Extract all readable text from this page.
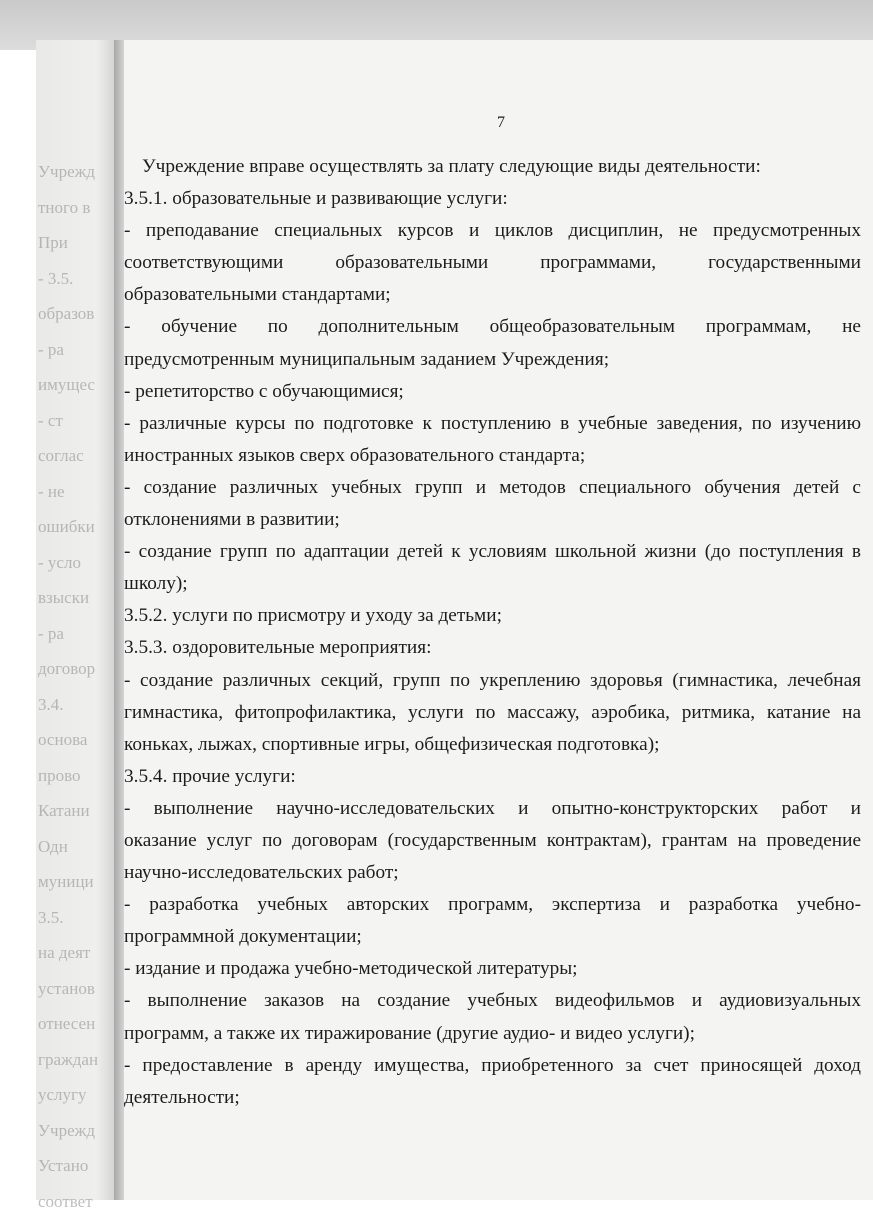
Учрежд
тного в
При
- 3.5.
образов
- ра
имущес
- ст
соглас
- не
ошибки
- усло
взыски
- ра
договор
3.4.
основа
прово
Катани
Одн
муници
3.5.
на деят
установ
отнесен
граждан
услугу
Учрежд
Устано
соответ
7
Учреждение вправе осуществлять за плату следующие виды деятельности:
3.5.1. образовательные и развивающие услуги:
- преподавание специальных курсов и циклов дисциплин, не предусмотренных
соответствующими образовательными программами, государственными
образовательными стандартами;
- обучение по дополнительным общеобразовательным программам, не
предусмотренным муниципальным заданием Учреждения;
- репетиторство с обучающимися;
- различные курсы по подготовке к поступлению в учебные заведения, по изучению
иностранных языков сверх образовательного стандарта;
- создание различных учебных групп и методов специального обучения детей с
отклонениями в развитии;
- создание групп по адаптации детей к условиям школьной жизни (до поступления в
школу);
3.5.2. услуги по присмотру и уходу за детьми;
3.5.3. оздоровительные мероприятия:
- создание различных секций, групп по укреплению здоровья (гимнастика, лечебная
гимнастика, фитопрофилактика, услуги по массажу, аэробика, ритмика, катание на
коньках, лыжах, спортивные игры, общефизическая подготовка);
3.5.4. прочие услуги:
- выполнение научно-исследовательских и опытно-конструкторских работ и
оказание услуг по договорам (государственным контрактам), грантам на проведение
научно-исследовательских работ;
- разработка учебных авторских программ, экспертиза и разработка учебно-
программной документации;
- издание и продажа учебно-методической литературы;
- выполнение заказов на создание учебных видеофильмов и аудиовизуальных
программ, а также их тиражирование (другие аудио- и видео услуги);
- предоставление в аренду имущества, приобретенного за счет приносящей доход
деятельности;
